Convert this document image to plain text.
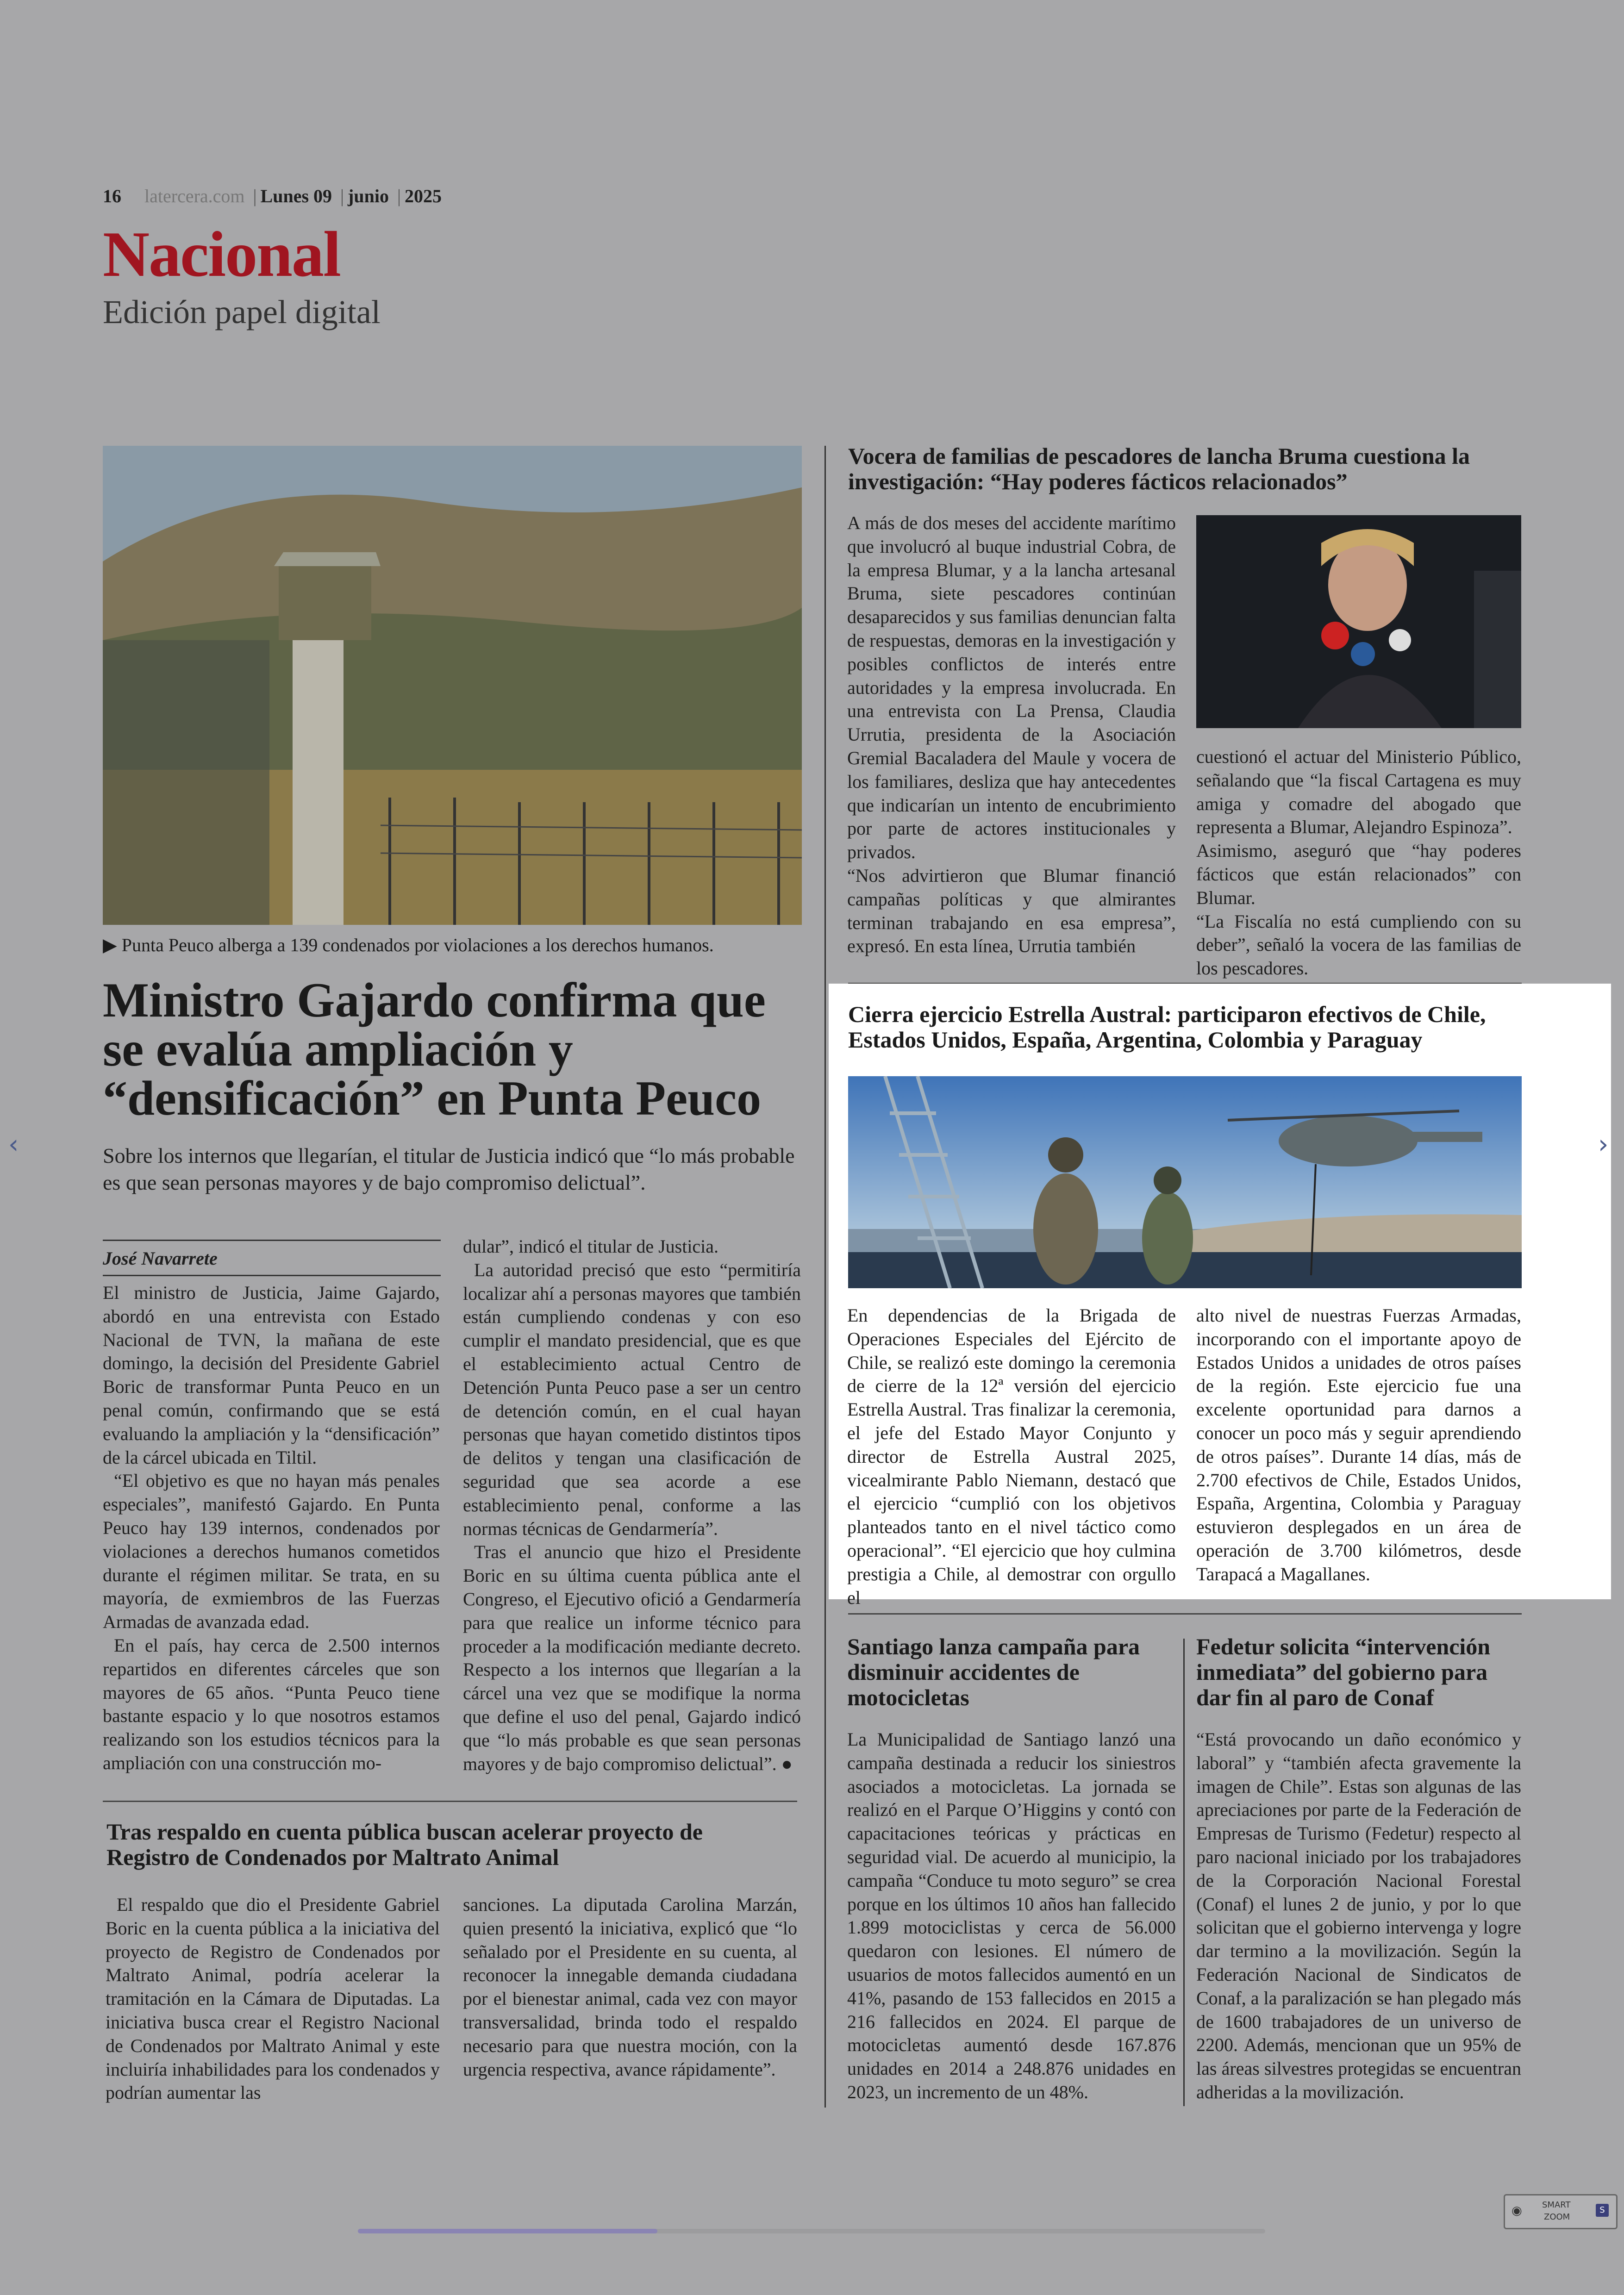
16 latercera.com | Lunes 09 | junio | 2025
Nacional
Edición papel digital
▶ Punta Peuco alberga a 139 condenados por violaciones a los derechos humanos.
Ministro Gajardo confirma que se evalúa ampliación y “densificación” en Punta Peuco
Sobre los internos que llegarían, el titular de Justicia indicó que “lo más probable es que sean personas mayores y de bajo compromiso delictual”.
José Navarrete

El ministro de Justicia, Jaime Gajardo, abordó en una entrevista con Estado Nacional de TVN, la mañana de este domingo, la decisión del Presidente Gabriel Boric de transformar Punta Peuco en un penal común, confirmando que se está evaluando la ampliación y la “densificación” de la cárcel ubicada en Tiltil.

“El objetivo es que no hayan más penales especiales”, manifestó Gajardo. En Punta Peuco hay 139 internos, condenados por violaciones a derechos humanos cometidos durante el régimen militar. Se trata, en su mayoría, de exmiembros de las Fuerzas Armadas de avanzada edad.

En el país, hay cerca de 2.500 internos repartidos en diferentes cárceles que son mayores de 65 años. “Punta Peuco tiene bastante espacio y lo que nosotros estamos realizando son los estudios técnicos para la ampliación con una construcción mo-

dular”, indicó el titular de Justicia.

La autoridad precisó que esto “permitiría localizar ahí a personas mayores que también están cumpliendo condenas y con eso cumplir el mandato presidencial, que es que el establecimiento actual Centro de Detención Punta Peuco pase a ser un centro de detención común, en el cual hayan personas que hayan cometido distintos tipos de delitos y tengan una clasificación de seguridad que sea acorde a ese establecimiento penal, conforme a las normas técnicas de Gendarmería”.

Tras el anuncio que hizo el Presidente Boric en su última cuenta pública ante el Congreso, el Ejecutivo ofició a Gendarmería para que realice un informe técnico para proceder a la modificación mediante decreto. Respecto a los internos que llegarían a la cárcel una vez que se modifique la norma que define el uso del penal, Gajardo indicó que “lo más probable es que sean personas mayores y de bajo compromiso delictual”. ●

Tras respaldo en cuenta pública buscan acelerar proyecto de Registro de Condenados por Maltrato Animal

El respaldo que dio el Presidente Gabriel Boric en la cuenta pública a la iniciativa del proyecto de Registro de Condenados por Maltrato Animal, podría acelerar la tramitación en la Cámara de Diputadas. La iniciativa busca crear el Registro Nacional de Condenados por Maltrato Animal y este incluiría inhabilidades para los condenados y podrían aumentar las

sanciones. La diputada Carolina Marzán, quien presentó la iniciativa, explicó que “lo señalado por el Presidente en su cuenta, al reconocer la innegable demanda ciudadana por el bienestar animal, cada vez con mayor transversalidad, brinda todo el respaldo necesario para que nuestra moción, con la urgencia respectiva, avance rápidamente”.

Vocera de familias de pescadores de lancha Bruma cuestiona la investigación: “Hay poderes fácticos relacionados”

A más de dos meses del accidente marítimo que involucró al buque industrial Cobra, de la empresa Blumar, y a la lancha artesanal Bruma, siete pescadores continúan desaparecidos y sus familias denuncian falta de respuestas, demoras en la investigación y posibles conflictos de interés entre autoridades y la empresa involucrada. En una entrevista con La Prensa, Claudia Urrutia, presidenta de la Asociación Gremial Bacaladera del Maule y vocera de los familiares, desliza que hay antecedentes que indicarían un intento de encubrimiento por parte de actores institucionales y privados.

“Nos advirtieron que Blumar financió campañas políticas y que almirantes terminan trabajando en esa empresa”, expresó. En esta línea, Urrutia también

cuestionó el actuar del Ministerio Público, señalando que “la fiscal Cartagena es muy amiga y comadre del abogado que representa a Blumar, Alejandro Espinoza”.

Asimismo, aseguró que “hay poderes fácticos que están relacionados” con Blumar.

“La Fiscalía no está cumpliendo con su deber”, señaló la vocera de las familias de los pescadores.

Cierra ejercicio Estrella Austral: participaron efectivos de Chile, Estados Unidos, España, Argentina, Colombia y Paraguay

En dependencias de la Brigada de Operaciones Especiales del Ejército de Chile, se realizó este domingo la ceremonia de cierre de la 12ª versión del ejercicio Estrella Austral. Tras finalizar la ceremonia, el jefe del Estado Mayor Conjunto y director de Estrella Austral 2025, vicealmirante Pablo Niemann, destacó que el ejercicio “cumplió con los objetivos planteados tanto en el nivel táctico como operacional”. “El ejercicio que hoy culmina prestigia a Chile, al demostrar con orgullo el

alto nivel de nuestras Fuerzas Armadas, incorporando con el importante apoyo de Estados Unidos a unidades de otros países de la región. Este ejercicio fue una excelente oportunidad para darnos a conocer un poco más y seguir aprendiendo de otros países”. Durante 14 días, más de 2.700 efectivos de Chile, Estados Unidos, España, Argentina, Colombia y Paraguay estuvieron desplegados en un área de operación de 3.700 kilómetros, desde Tarapacá a Magallanes.

Santiago lanza campaña para disminuir accidentes de motocicletas

La Municipalidad de Santiago lanzó una campaña destinada a reducir los siniestros asociados a motocicletas. La jornada se realizó en el Parque O’Higgins y contó con capacitaciones teóricas y prácticas en seguridad vial. De acuerdo al municipio, la campaña “Conduce tu moto seguro” se crea porque en los últimos 10 años han fallecido 1.899 motociclistas y cerca de 56.000 quedaron con lesiones. El número de usuarios de motos fallecidos aumentó en un 41%, pasando de 153 fallecidos en 2015 a 216 fallecidos en 2024. El parque de motocicletas aumentó desde 167.876 unidades en 2014 a 248.876 unidades en 2023, un incremento de un 48%.

Fedetur solicita “intervención inmediata” del gobierno para dar fin al paro de Conaf

“Está provocando un daño económico y laboral” y “también afecta gravemente la imagen de Chile”. Estas son algunas de las apreciaciones por parte de la Federación de Empresas de Turismo (Fedetur) respecto al paro nacional iniciado por los trabajadores de la Corporación Nacional Forestal (Conaf) el lunes 2 de junio, y por lo que solicitan que el gobierno intervenga y logre dar termino a la movilización. Según la Federación Nacional de Sindicatos de Conaf, a la paralización se han plegado más de 1600 trabajadores de un universo de 2200. Además, mencionan que un 95% de las áreas silvestres protegidas se encuentran adheridas a la movilización.

‹	›
◉ SMART
ZOOM
S
